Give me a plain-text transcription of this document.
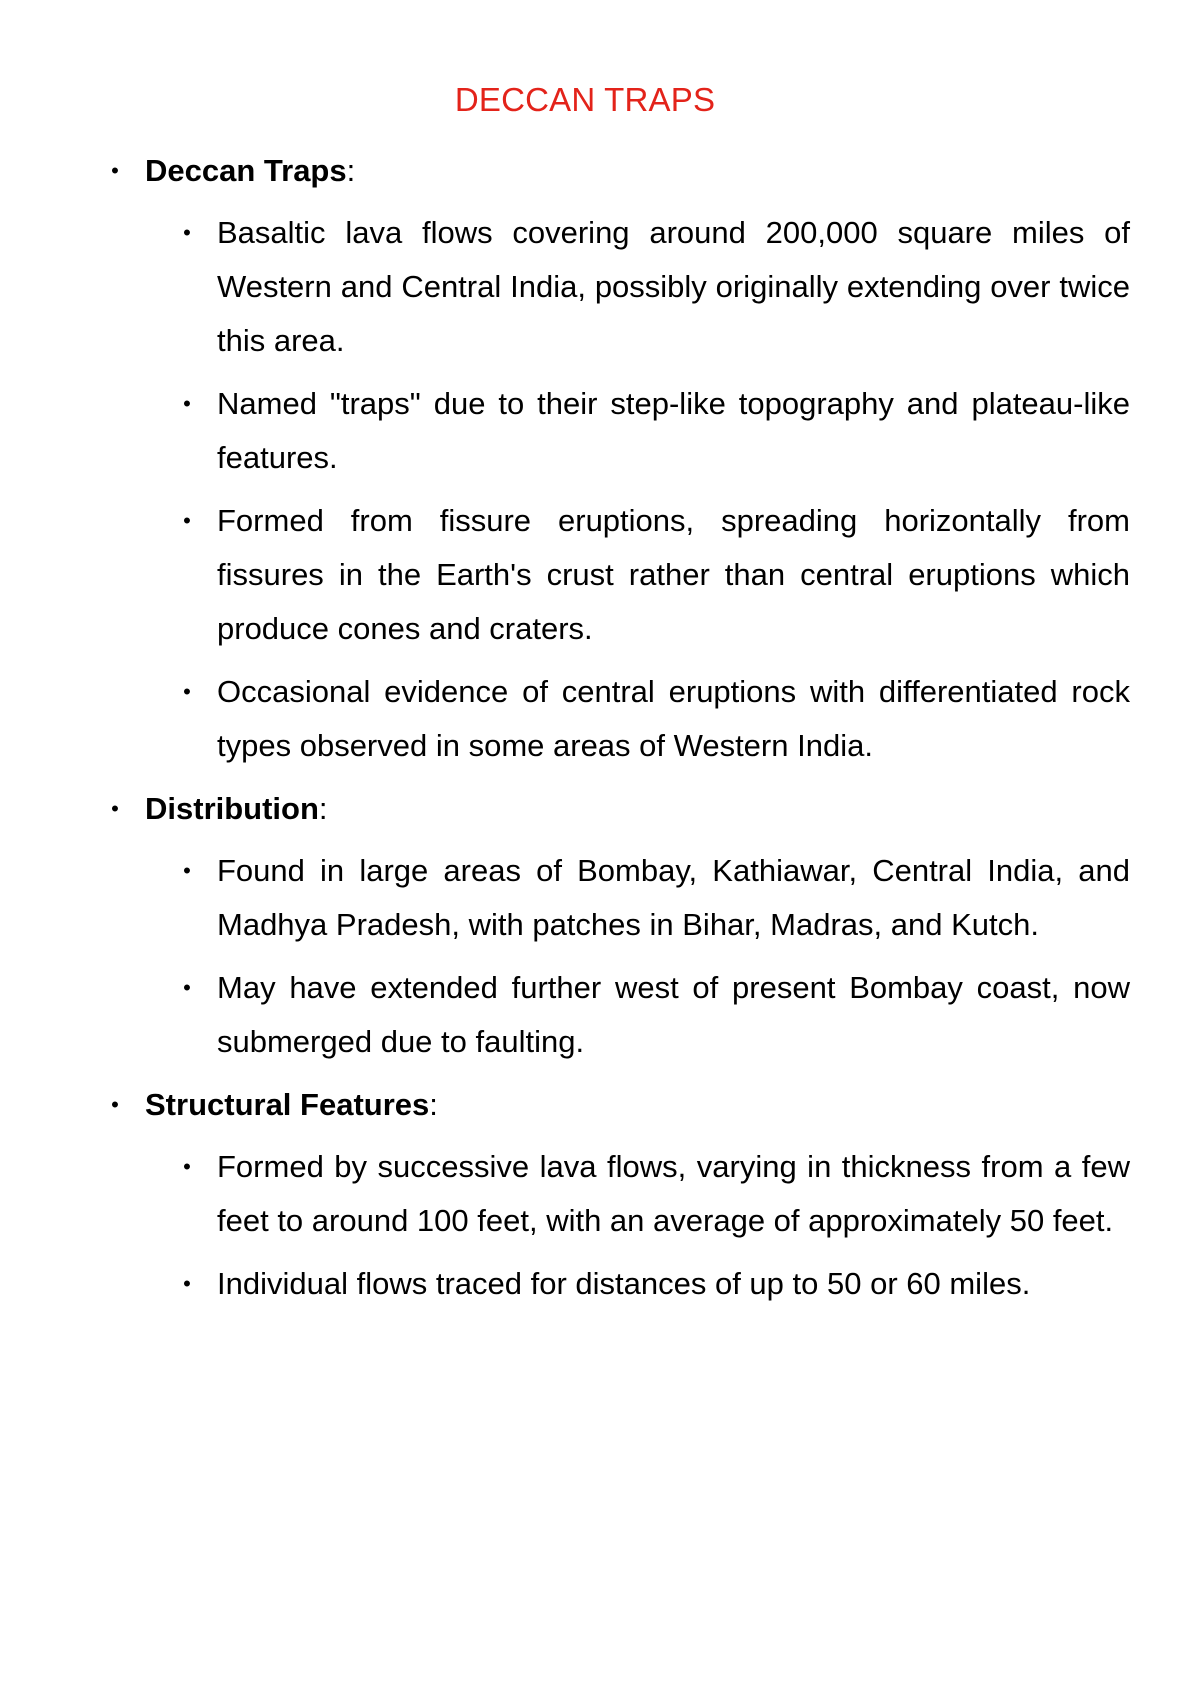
DECCAN TRAPS
• Deccan Traps:
• Basaltic lava flows covering around 200,000 square miles of Western and Central India, possibly originally extending over twice this area.
• Named "traps" due to their step-like topography and plateau-like features.
• Formed from fissure eruptions, spreading horizontally from fissures in the Earth's crust rather than central eruptions which produce cones and craters.
• Occasional evidence of central eruptions with differentiated rock types observed in some areas of Western India.
• Distribution:
• Found in large areas of Bombay, Kathiawar, Central India, and Madhya Pradesh, with patches in Bihar, Madras, and Kutch.
• May have extended further west of present Bombay coast, now submerged due to faulting.
• Structural Features:
• Formed by successive lava flows, varying in thickness from a few feet to around 100 feet, with an average of approximately 50 feet.
• Individual flows traced for distances of up to 50 or 60 miles.
